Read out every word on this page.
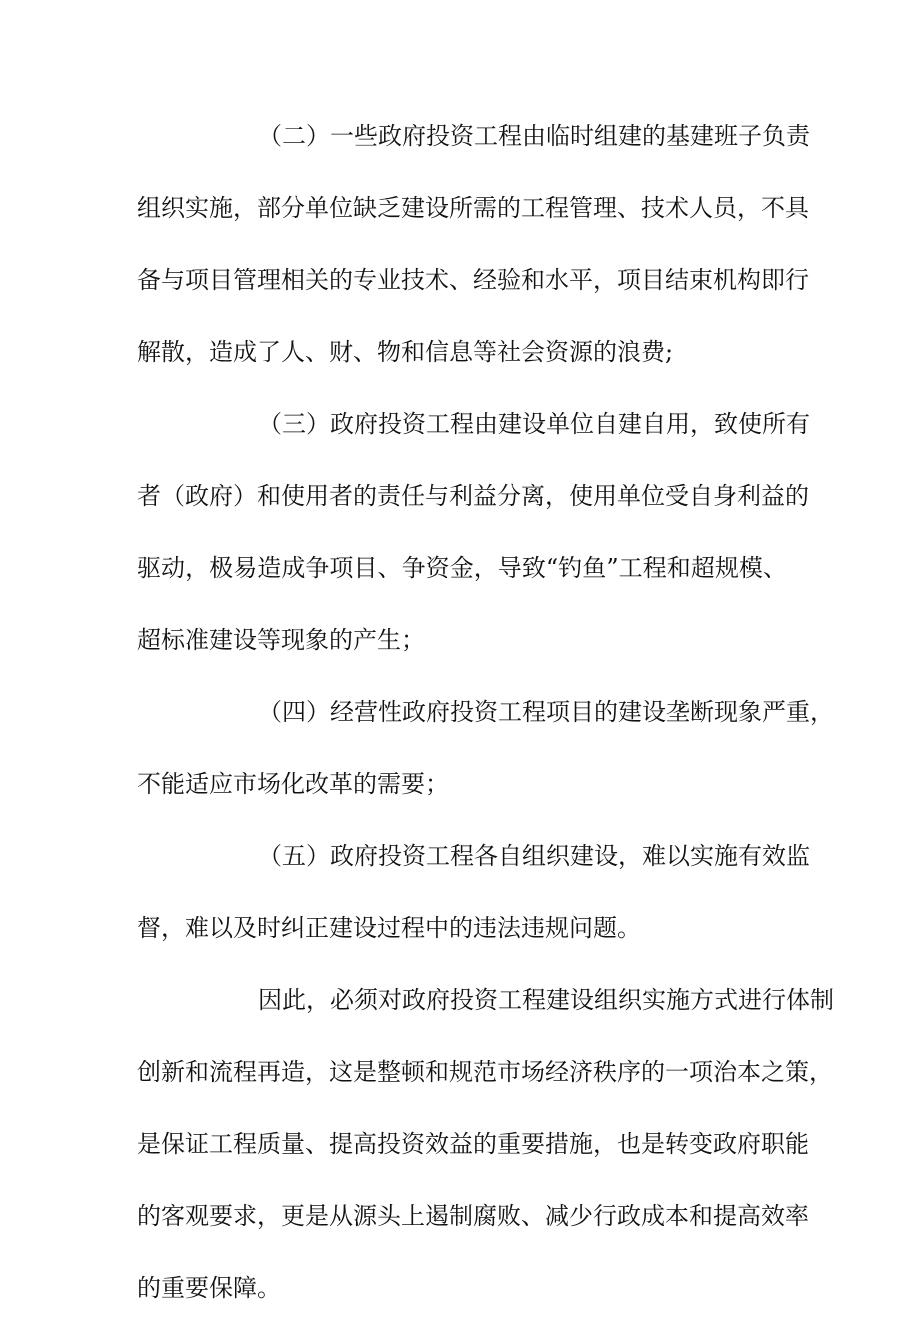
（二）一些政府投资工程由临时组建的基建班子负责
组织实施，部分单位缺乏建设所需的工程管理、技术人员，不具
备与项目管理相关的专业技术、经验和水平，项目结束机构即行
解散，造成了人、财、物和信息等社会资源的浪费;
（三）政府投资工程由建设单位自建自用，致使所有
者（政府）和使用者的责任与利益分离，使用单位受自身利益的
驱动，极易造成争项目、争资金，导致“钓鱼”工程和超规模、
超标准建设等现象的产生；
（四）经营性政府投资工程项目的建设垄断现象严重，
不能适应市场化改革的需要；
（五）政府投资工程各自组织建设，难以实施有效监
督，难以及时纠正建设过程中的违法违规问题。
因此，必须对政府投资工程建设组织实施方式进行体制
创新和流程再造，这是整顿和规范市场经济秩序的一项治本之策，
是保证工程质量、提高投资效益的重要措施，也是转变政府职能
的客观要求，更是从源头上遏制腐败、减少行政成本和提高效率
的重要保障。
